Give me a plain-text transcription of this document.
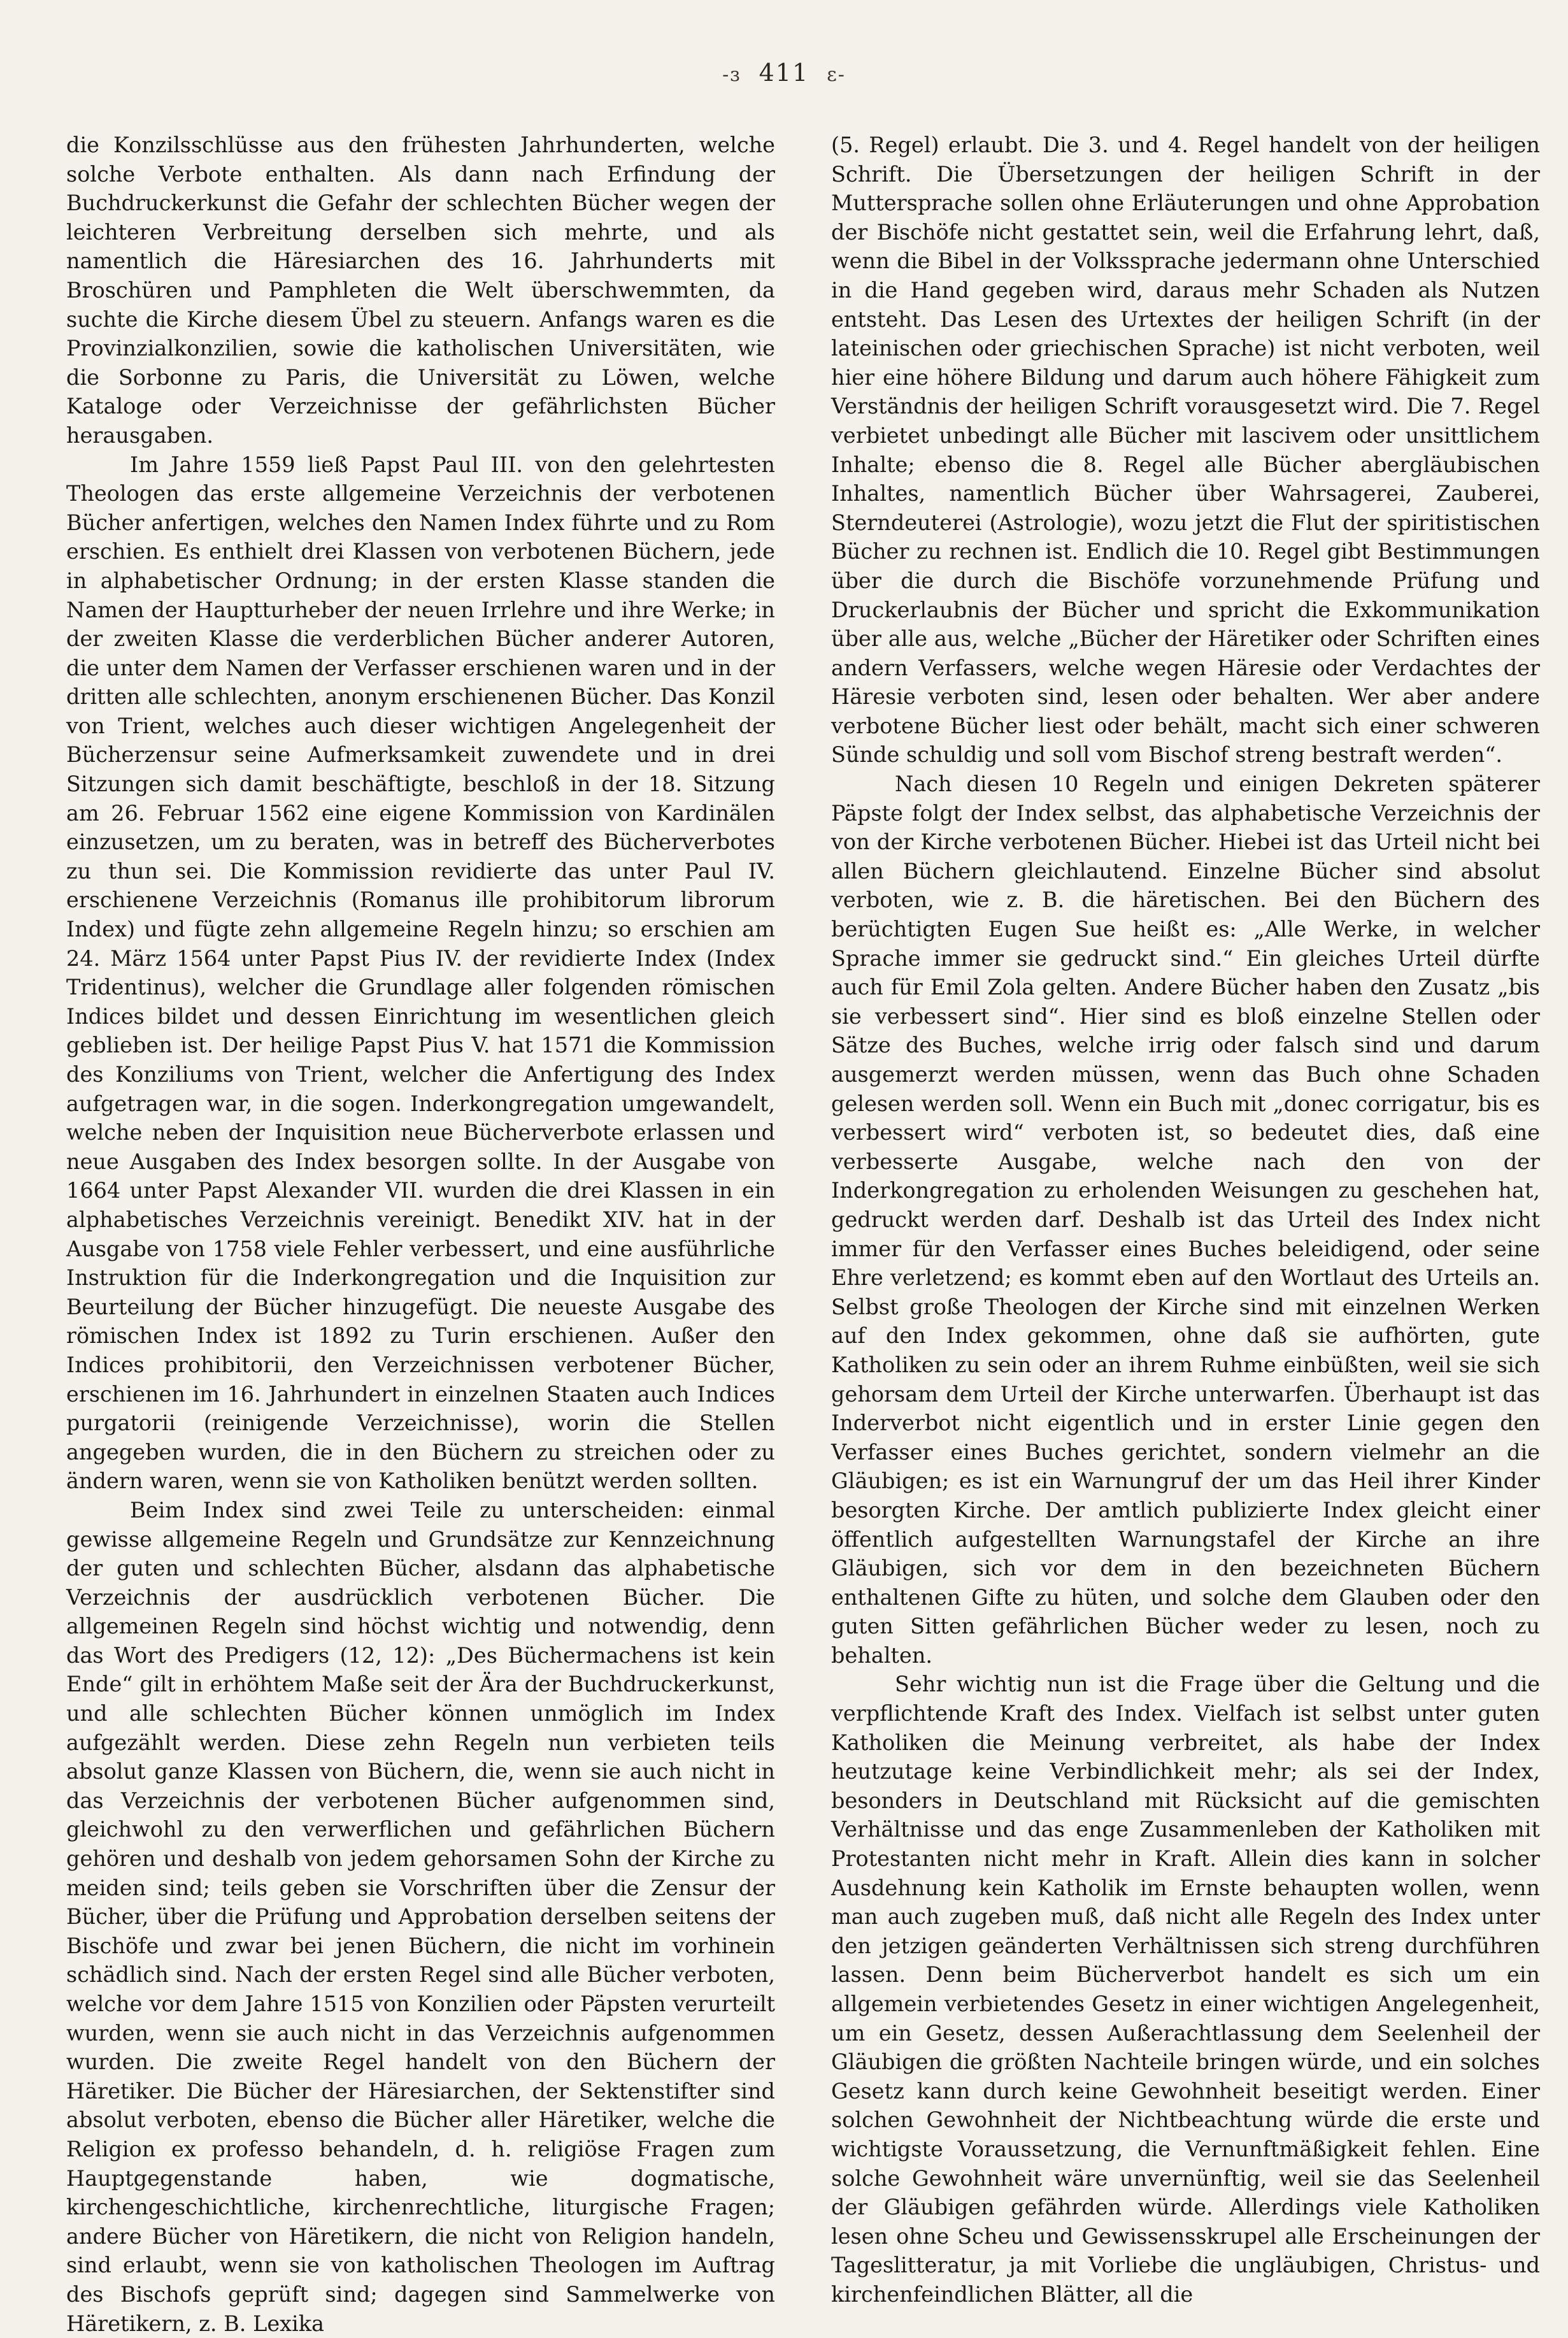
-ɜ 411 ɛ-

die Konzilsschlüsse aus den frühesten Jahrhunderten, welche solche Verbote enthalten. Als dann nach Erfindung der Buchdruckerkunst die Gefahr der schlechten Bücher wegen der leichteren Verbreitung derselben sich mehrte, und als namentlich die Häresiarchen des 16. Jahrhunderts mit Broschüren und Pamphleten die Welt überschwemmten, da suchte die Kirche diesem Übel zu steuern. Anfangs waren es die Provinzialkonzilien, sowie die katholischen Universitäten, wie die Sorbonne zu Paris, die Universität zu Löwen, welche Kataloge oder Verzeichnisse der gefährlichsten Bücher herausgaben.

Im Jahre 1559 ließ Papst Paul III. von den gelehrtesten Theologen das erste allgemeine Verzeichnis der verbotenen Bücher anfertigen, welches den Namen Index führte und zu Rom erschien. Es enthielt drei Klassen von verbotenen Büchern, jede in alphabetischer Ordnung; in der ersten Klasse standen die Namen der Hauptturheber der neuen Irrlehre und ihre Werke; in der zweiten Klasse die verderblichen Bücher anderer Autoren, die unter dem Namen der Verfasser erschienen waren und in der dritten alle schlechten, anonym erschienenen Bücher. Das Konzil von Trient, welches auch dieser wichtigen Angelegenheit der Bücherzensur seine Aufmerksamkeit zuwendete und in drei Sitzungen sich damit beschäftigte, beschloß in der 18. Sitzung am 26. Februar 1562 eine eigene Kommission von Kardinälen einzusetzen, um zu beraten, was in betreff des Bücherverbotes zu thun sei. Die Kommission revidierte das unter Paul IV. erschienene Verzeichnis (Romanus ille prohibitorum librorum Index) und fügte zehn allgemeine Regeln hinzu; so erschien am 24. März 1564 unter Papst Pius IV. der revidierte Index (Index Tridentinus), welcher die Grundlage aller folgenden römischen Indices bildet und dessen Einrichtung im wesentlichen gleich geblieben ist. Der heilige Papst Pius V. hat 1571 die Kommission des Konziliums von Trient, welcher die Anfertigung des Index aufgetragen war, in die sogen. Inderkongregation umgewandelt, welche neben der Inquisition neue Bücherverbote erlassen und neue Ausgaben des Index besorgen sollte. In der Ausgabe von 1664 unter Papst Alexander VII. wurden die drei Klassen in ein alphabetisches Verzeichnis vereinigt. Benedikt XIV. hat in der Ausgabe von 1758 viele Fehler verbessert, und eine ausführliche Instruktion für die Inderkongregation und die Inquisition zur Beurteilung der Bücher hinzugefügt. Die neueste Ausgabe des römischen Index ist 1892 zu Turin erschienen. Außer den Indices prohibitorii, den Verzeichnissen verbotener Bücher, erschienen im 16. Jahrhundert in einzelnen Staaten auch Indices purgatorii (reinigende Verzeichnisse), worin die Stellen angegeben wurden, die in den Büchern zu streichen oder zu ändern waren, wenn sie von Katholiken benützt werden sollten.

Beim Index sind zwei Teile zu unterscheiden: einmal gewisse allgemeine Regeln und Grundsätze zur Kennzeichnung der guten und schlechten Bücher, alsdann das alphabetische Verzeichnis der ausdrücklich verbotenen Bücher. Die allgemeinen Regeln sind höchst wichtig und notwendig, denn das Wort des Predigers (12, 12): „Des Büchermachens ist kein Ende“ gilt in erhöhtem Maße seit der Ära der Buchdruckerkunst, und alle schlechten Bücher können unmöglich im Index aufgezählt werden. Diese zehn Regeln nun verbieten teils absolut ganze Klassen von Büchern, die, wenn sie auch nicht in das Verzeichnis der verbotenen Bücher aufgenommen sind, gleichwohl zu den verwerflichen und gefährlichen Büchern gehören und deshalb von jedem gehorsamen Sohn der Kirche zu meiden sind; teils geben sie Vorschriften über die Zensur der Bücher, über die Prüfung und Approbation derselben seitens der Bischöfe und zwar bei jenen Büchern, die nicht im vorhinein schädlich sind. Nach der ersten Regel sind alle Bücher verboten, welche vor dem Jahre 1515 von Konzilien oder Päpsten verurteilt wurden, wenn sie auch nicht in das Verzeichnis aufgenommen wurden. Die zweite Regel handelt von den Büchern der Häretiker. Die Bücher der Häresiarchen, der Sektenstifter sind absolut verboten, ebenso die Bücher aller Häretiker, welche die Religion ex professo behandeln, d. h. religiöse Fragen zum Hauptgegenstande haben, wie dogmatische, kirchengeschichtliche, kirchenrechtliche, liturgische Fragen; andere Bücher von Häretikern, die nicht von Religion handeln, sind erlaubt, wenn sie von katholischen Theologen im Auftrag des Bischofs geprüft sind; dagegen sind Sammelwerke von Häretikern, z. B. Lexika

(5. Regel) erlaubt. Die 3. und 4. Regel handelt von der heiligen Schrift. Die Übersetzungen der heiligen Schrift in der Muttersprache sollen ohne Erläuterungen und ohne Approbation der Bischöfe nicht gestattet sein, weil die Erfahrung lehrt, daß, wenn die Bibel in der Volkssprache jedermann ohne Unterschied in die Hand gegeben wird, daraus mehr Schaden als Nutzen entsteht. Das Lesen des Urtextes der heiligen Schrift (in der lateinischen oder griechischen Sprache) ist nicht verboten, weil hier eine höhere Bildung und darum auch höhere Fähigkeit zum Verständnis der heiligen Schrift vorausgesetzt wird. Die 7. Regel verbietet unbedingt alle Bücher mit lascivem oder unsittlichem Inhalte; ebenso die 8. Regel alle Bücher abergläubischen Inhaltes, namentlich Bücher über Wahrsagerei, Zauberei, Sterndeuterei (Astrologie), wozu jetzt die Flut der spiritistischen Bücher zu rechnen ist. Endlich die 10. Regel gibt Bestimmungen über die durch die Bischöfe vorzunehmende Prüfung und Druckerlaubnis der Bücher und spricht die Exkommunikation über alle aus, welche „Bücher der Häretiker oder Schriften eines andern Verfassers, welche wegen Häresie oder Verdachtes der Häresie verboten sind, lesen oder behalten. Wer aber andere verbotene Bücher liest oder behält, macht sich einer schweren Sünde schuldig und soll vom Bischof streng bestraft werden“.

Nach diesen 10 Regeln und einigen Dekreten späterer Päpste folgt der Index selbst, das alphabetische Verzeichnis der von der Kirche verbotenen Bücher. Hiebei ist das Urteil nicht bei allen Büchern gleichlautend. Einzelne Bücher sind absolut verboten, wie z. B. die häretischen. Bei den Büchern des berüchtigten Eugen Sue heißt es: „Alle Werke, in welcher Sprache immer sie gedruckt sind.“ Ein gleiches Urteil dürfte auch für Emil Zola gelten. Andere Bücher haben den Zusatz „bis sie verbessert sind“. Hier sind es bloß einzelne Stellen oder Sätze des Buches, welche irrig oder falsch sind und darum ausgemerzt werden müssen, wenn das Buch ohne Schaden gelesen werden soll. Wenn ein Buch mit „donec corrigatur, bis es verbessert wird“ verboten ist, so bedeutet dies, daß eine verbesserte Ausgabe, welche nach den von der Inderkongregation zu erholenden Weisungen zu geschehen hat, gedruckt werden darf. Deshalb ist das Urteil des Index nicht immer für den Verfasser eines Buches beleidigend, oder seine Ehre verletzend; es kommt eben auf den Wortlaut des Urteils an. Selbst große Theologen der Kirche sind mit einzelnen Werken auf den Index gekommen, ohne daß sie aufhörten, gute Katholiken zu sein oder an ihrem Ruhme einbüßten, weil sie sich gehorsam dem Urteil der Kirche unterwarfen. Überhaupt ist das Inderverbot nicht eigentlich und in erster Linie gegen den Verfasser eines Buches gerichtet, sondern vielmehr an die Gläubigen; es ist ein Warnungruf der um das Heil ihrer Kinder besorgten Kirche. Der amtlich publizierte Index gleicht einer öffentlich aufgestellten Warnungstafel der Kirche an ihre Gläubigen, sich vor dem in den bezeichneten Büchern enthaltenen Gifte zu hüten, und solche dem Glauben oder den guten Sitten gefährlichen Bücher weder zu lesen, noch zu behalten.

Sehr wichtig nun ist die Frage über die Geltung und die verpflichtende Kraft des Index. Vielfach ist selbst unter guten Katholiken die Meinung verbreitet, als habe der Index heutzutage keine Verbindlichkeit mehr; als sei der Index, besonders in Deutschland mit Rücksicht auf die gemischten Verhältnisse und das enge Zusammenleben der Katholiken mit Protestanten nicht mehr in Kraft. Allein dies kann in solcher Ausdehnung kein Katholik im Ernste behaupten wollen, wenn man auch zugeben muß, daß nicht alle Regeln des Index unter den jetzigen geänderten Verhältnissen sich streng durchführen lassen. Denn beim Bücherverbot handelt es sich um ein allgemein verbietendes Gesetz in einer wichtigen Angelegenheit, um ein Gesetz, dessen Außerachtlassung dem Seelenheil der Gläubigen die größten Nachteile bringen würde, und ein solches Gesetz kann durch keine Gewohnheit beseitigt werden. Einer solchen Gewohnheit der Nichtbeachtung würde die erste und wichtigste Voraussetzung, die Vernunftmäßigkeit fehlen. Eine solche Gewohnheit wäre unvernünftig, weil sie das Seelenheil der Gläubigen gefährden würde. Allerdings viele Katholiken lesen ohne Scheu und Gewissensskrupel alle Erscheinungen der Tageslitteratur, ja mit Vorliebe die ungläubigen, Christus- und kirchenfeindlichen Blätter, all die
